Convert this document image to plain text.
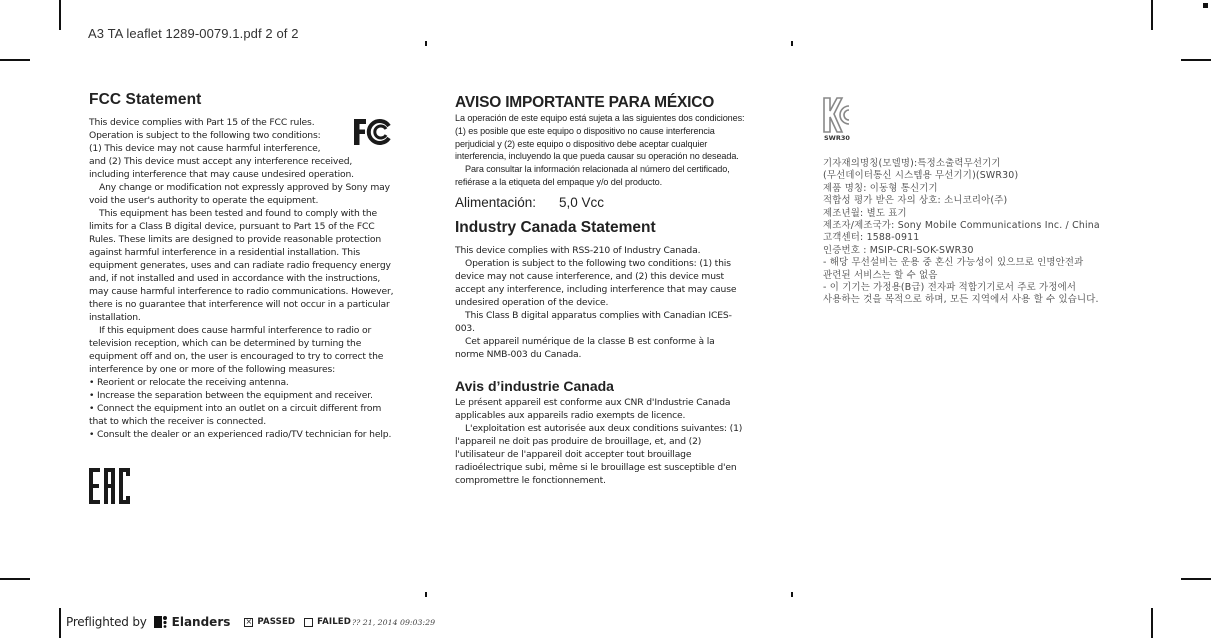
A3 TA leaflet 1289-0079.1.pdf 2 of 2
FCC Statement

This device complies with Part 15 of the FCC rules.

Operation is subject to the following two conditions:

(1) This device may not cause harmful interference,

and (2) This device must accept any interference received,

including interference that may cause undesired operation.

Any change or modification not expressly approved by Sony may void the user's authority to operate the equipment.

This equipment has been tested and found to comply with the limits for a Class B digital device, pursuant to Part 15 of the FCC Rules. These limits are designed to provide reasonable protection against harmful interference in a residential installation. This equipment generates, uses and can radiate radio frequency energy and, if not installed and used in accordance with the instructions, may cause harmful interference to radio communications. However, there is no guarantee that interference will not occur in a particular installation.

If this equipment does cause harmful interference to radio or television reception, which can be determined by turning the equipment off and on, the user is encouraged to try to correct the interference by one or more of the following measures:

• Reorient or relocate the receiving antenna.

• Increase the separation between the equipment and receiver.

• Connect the equipment into an outlet on a circuit different from that to which the receiver is connected.

• Consult the dealer or an experienced radio/TV technician for help.

AVISO IMPORTANTE PARA MÉXICO

La operación de este equipo está sujeta a las siguientes dos condiciones: (1) es posible que este equipo o dispositivo no cause interferencia perjudicial y (2) este equipo o dispositivo debe aceptar cualquier interferencia, incluyendo la que pueda causar su operación no deseada.

Para consultar la información relacionada al número del certificado, refiérase a la etiqueta del empaque y/o del producto.

Alimentación:	5,0 Vcc
Industry Canada Statement

This device complies with RSS-210 of Industry Canada.

Operation is subject to the following two conditions: (1) this device may not cause interference, and (2) this device must accept any interference, including interference that may cause undesired operation of the device.

This Class B digital apparatus complies with Canadian ICES-003.

Cet appareil numérique de la classe B est conforme à la norme NMB-003 du Canada.

Avis d’industrie Canada

Le présent appareil est conforme aux CNR d'Industrie Canada applicables aux appareils radio exempts de licence.

L'exploitation est autorisée aux deux conditions suivantes: (1) l'appareil ne doit pas produire de brouillage, et, and (2) l'utilisateur de l'appareil doit accepter tout brouillage radioélectrique subi, même si le brouillage est susceptible d'en compromettre le fonctionnement.

SWR30

기자재의명칭(모델명):특정소출력무선기기

(무선데이터통신 시스템용 무선기기)(SWR30)

제품 명칭: 이동형 통신기기

적합성 평가 받은 자의 상호: 소니코리아(주)

제조년월: 별도 표기

제조자/제조국가: Sony Mobile Communications Inc. / China

고객센터: 1588-0911

인증번호 : MSIP-CRI-SOK-SWR30

- 해당 무선설비는 운용 중 혼신 가능성이 있으므로 인명안전과

관련된 서비스는 할 수 없음

- 이 기기는 가정용(B급) 전자파 적합기기로서 주로 가정에서

사용하는 것을 목적으로 하며, 모든 지역에서 사용 할 수 있습니다.

Preflighted by Elanders × PASSED	FAILED ?? 21, 2014 09:03:29
